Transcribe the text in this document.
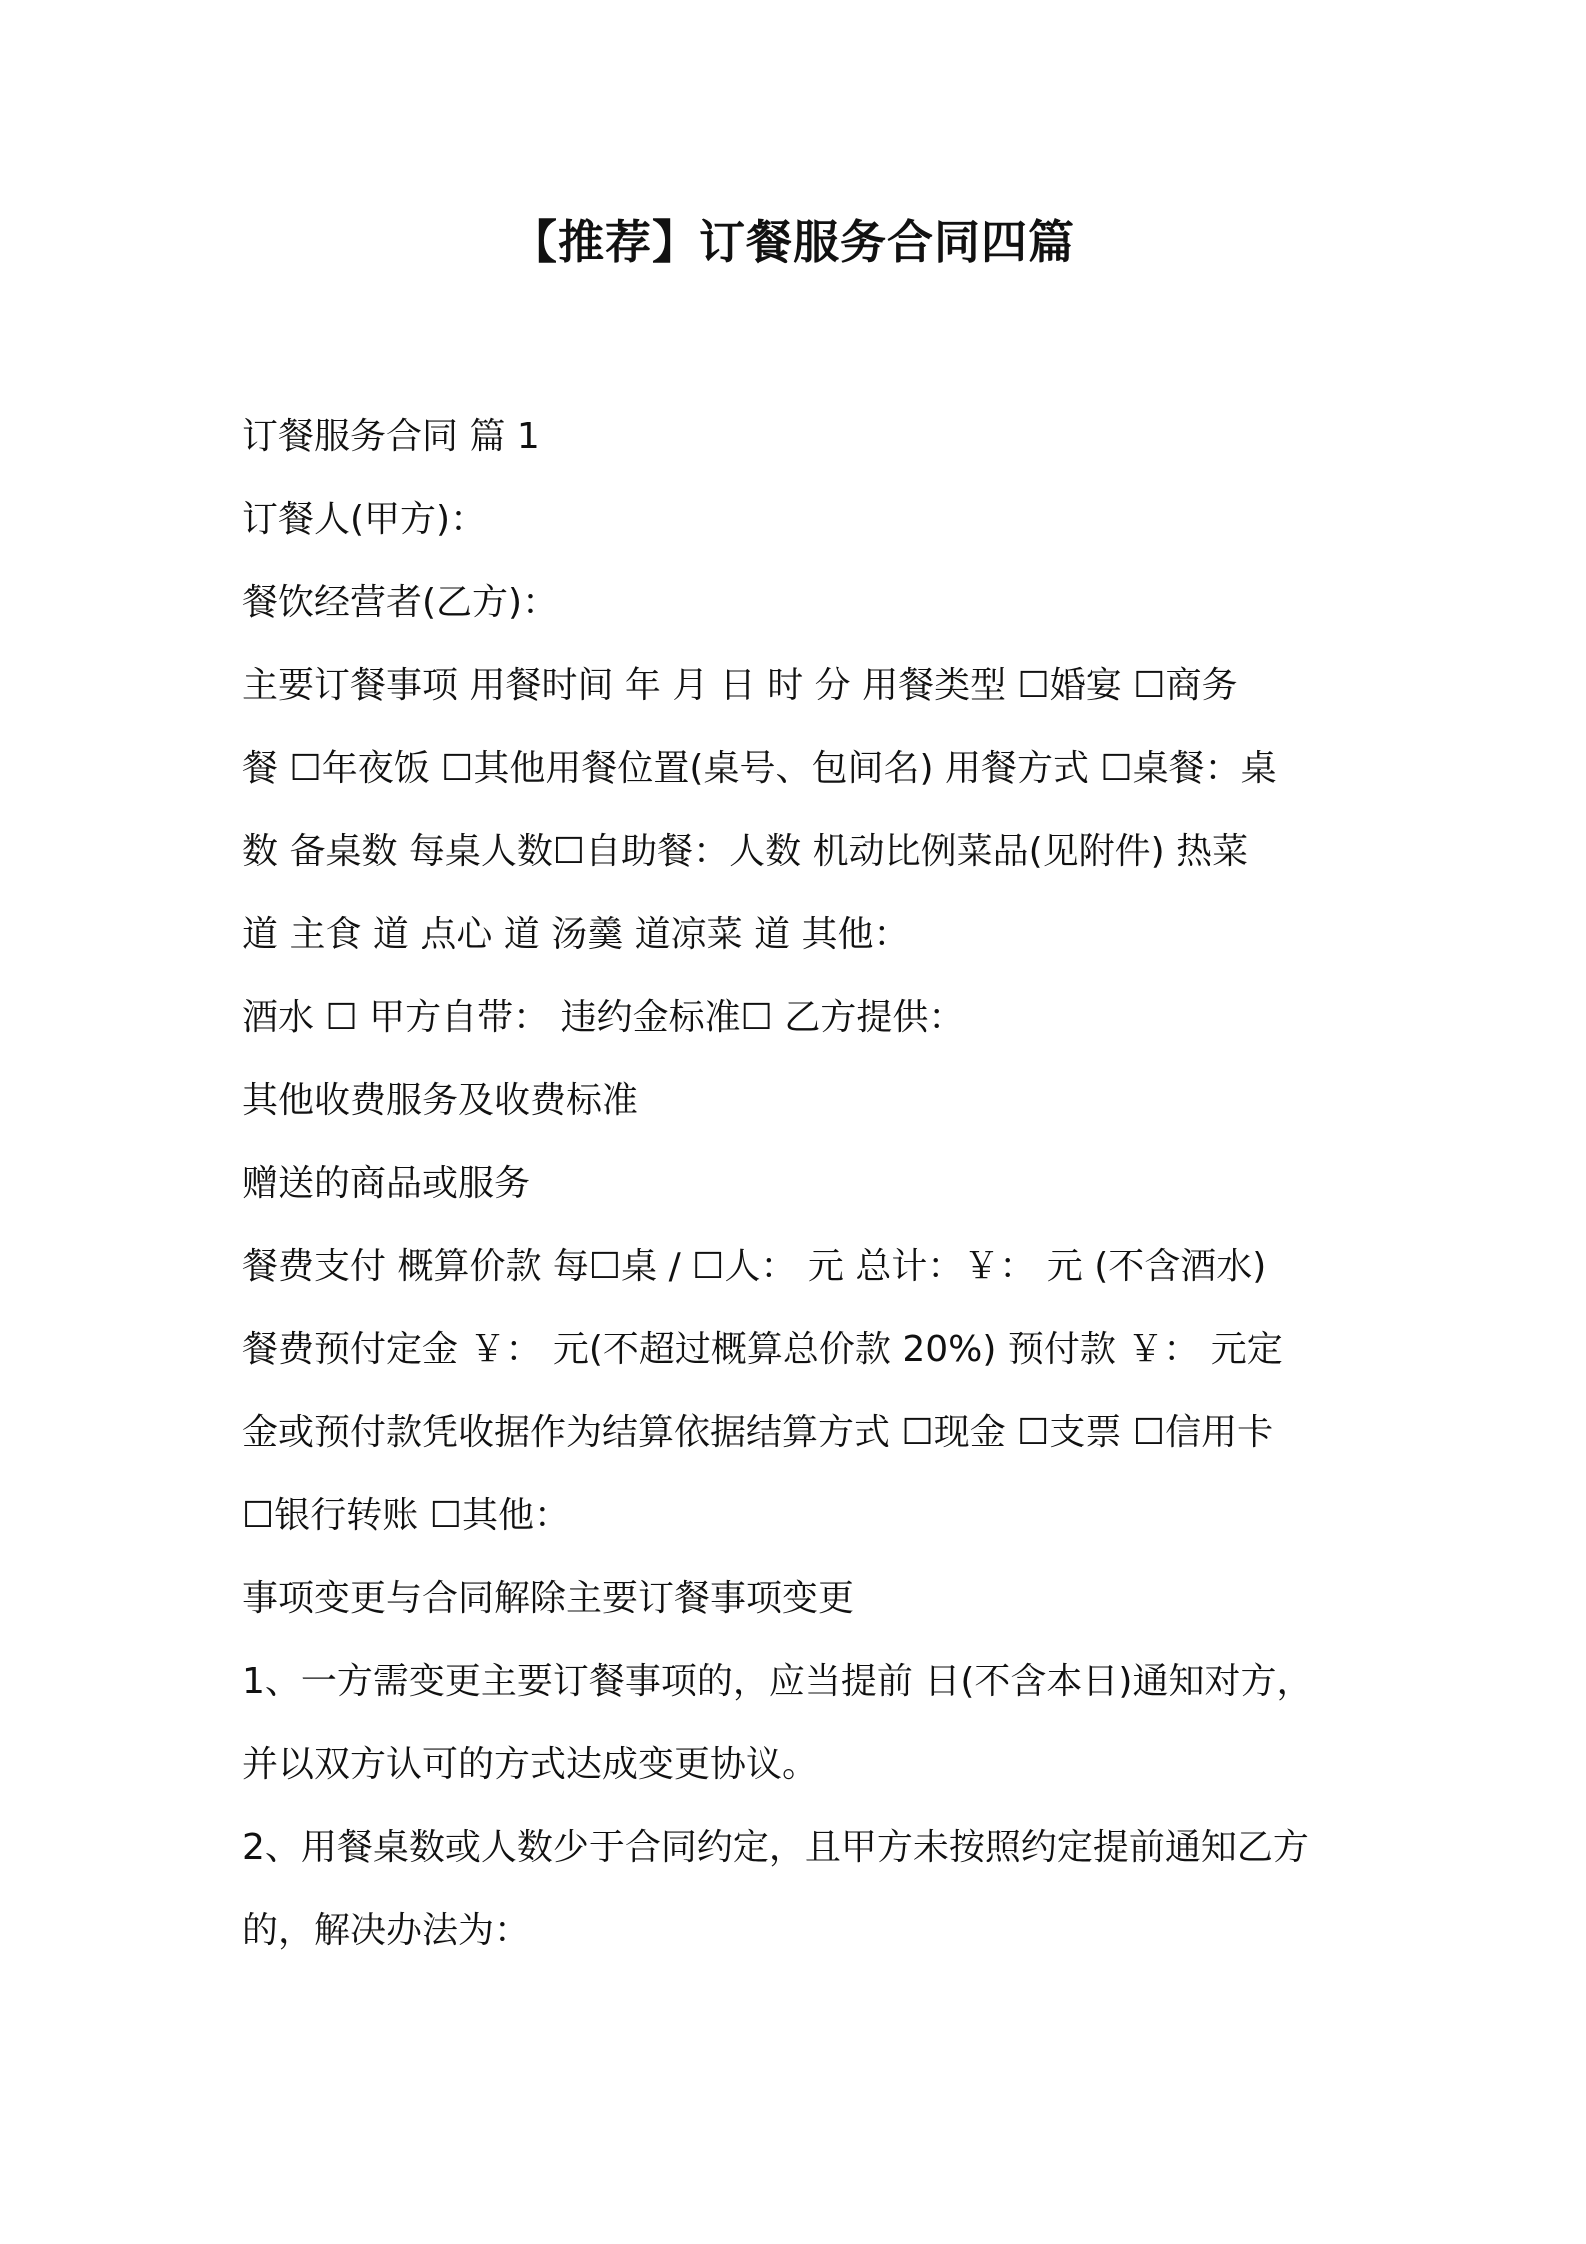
【推荐】订餐服务合同四篇
订餐服务合同 篇 1
订餐人(甲方)：
餐饮经营者(乙方)：
主要订餐事项 用餐时间 年 月 日 时 分 用餐类型 ☐婚宴 ☐商务
餐 ☐年夜饭 ☐其他用餐位置(桌号、包间名) 用餐方式 ☐桌餐：桌
数 备桌数 每桌人数☐自助餐：人数 机动比例菜品(见附件) 热菜
道 主食 道 点心 道 汤羹 道凉菜 道 其他：
酒水 ☐ 甲方自带： 违约金标准☐ 乙方提供：
其他收费服务及收费标准
赠送的商品或服务
餐费支付 概算价款 每☐桌 / ☐人： 元 总计：￥： 元 (不含酒水)
餐费预付定金 ￥： 元(不超过概算总价款 20%) 预付款 ￥： 元定
金或预付款凭收据作为结算依据结算方式 ☐现金 ☐支票 ☐信用卡
☐银行转账 ☐其他：
事项变更与合同解除主要订餐事项变更
1、一方需变更主要订餐事项的，应当提前 日(不含本日)通知对方，
并以双方认可的方式达成变更协议。
2、用餐桌数或人数少于合同约定，且甲方未按照约定提前通知乙方
的，解决办法为：
